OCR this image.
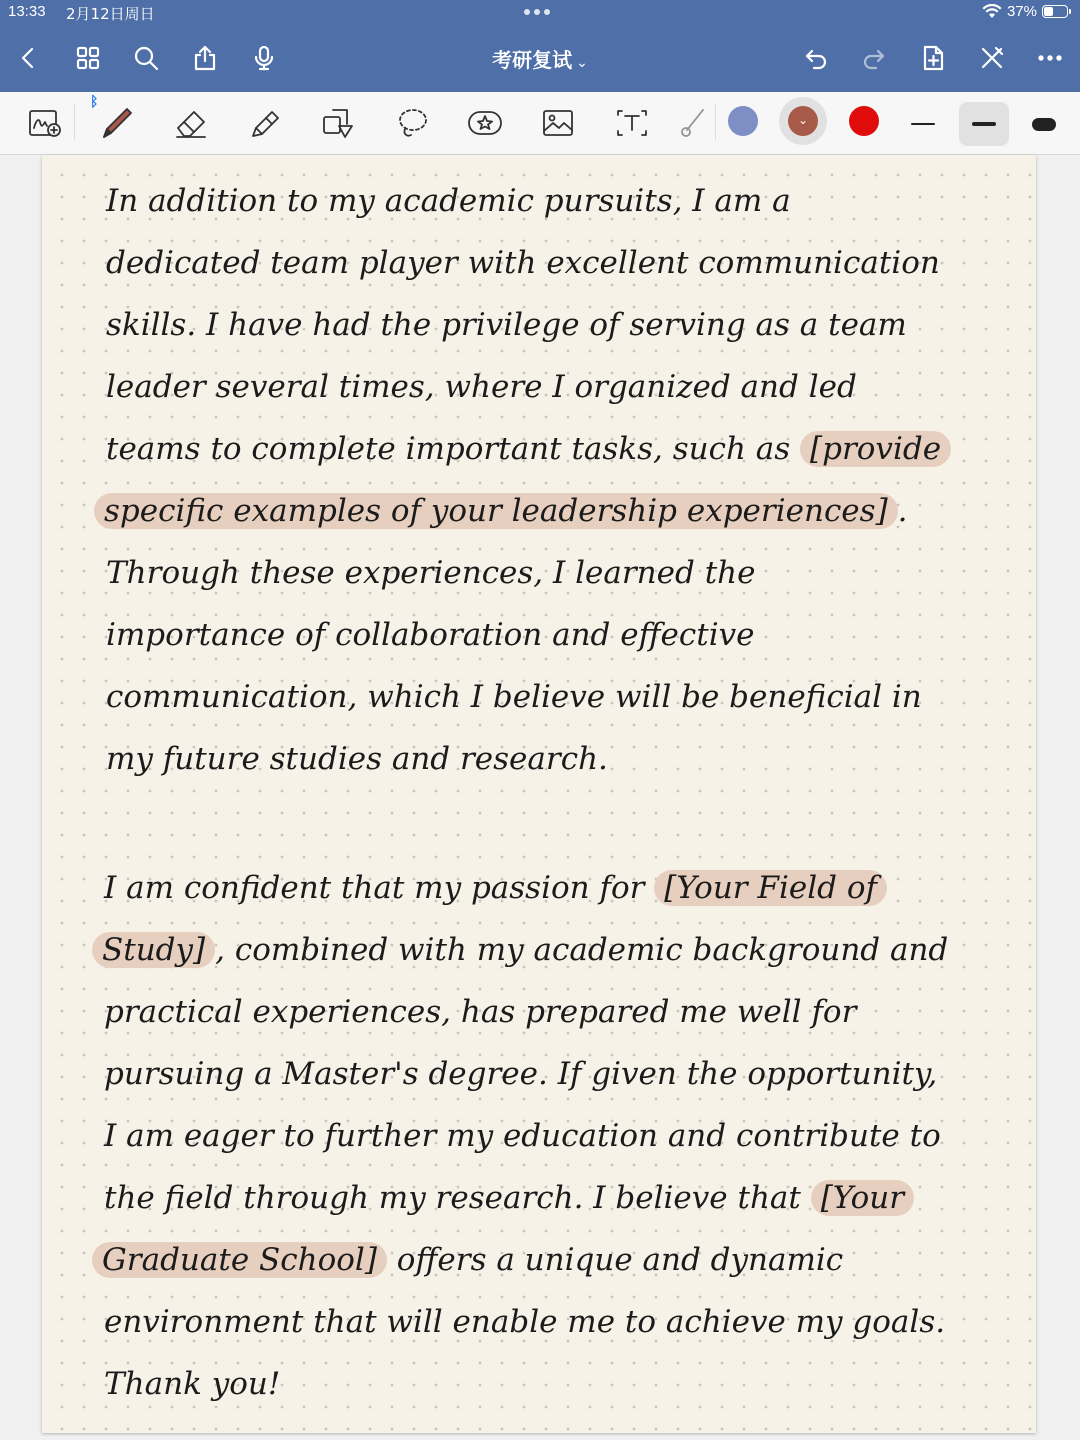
13:33 2月12日周日	37%
考研复试 ⌄
ᛒ
⌄
In addition to my academic pursuits, I am a
dedicated team player with excellent communication
skills. I have had the privilege of serving as a team
leader several times, where I organized and led
teams to complete important tasks, such as [provide
specific examples of your leadership experiences] .
Through these experiences, I learned the
importance of collaboration and effective
communication, which I believe will be beneficial in
my future studies and research.
I am confident that my passion for [Your Field of
Study] , combined with my academic background and
practical experiences, has prepared me well for
pursuing a Master's degree. If given the opportunity,
I am eager to further my education and contribute to
the field through my research. I believe that [Your
Graduate School] offers a unique and dynamic
environment that will enable me to achieve my goals.
Thank you!
